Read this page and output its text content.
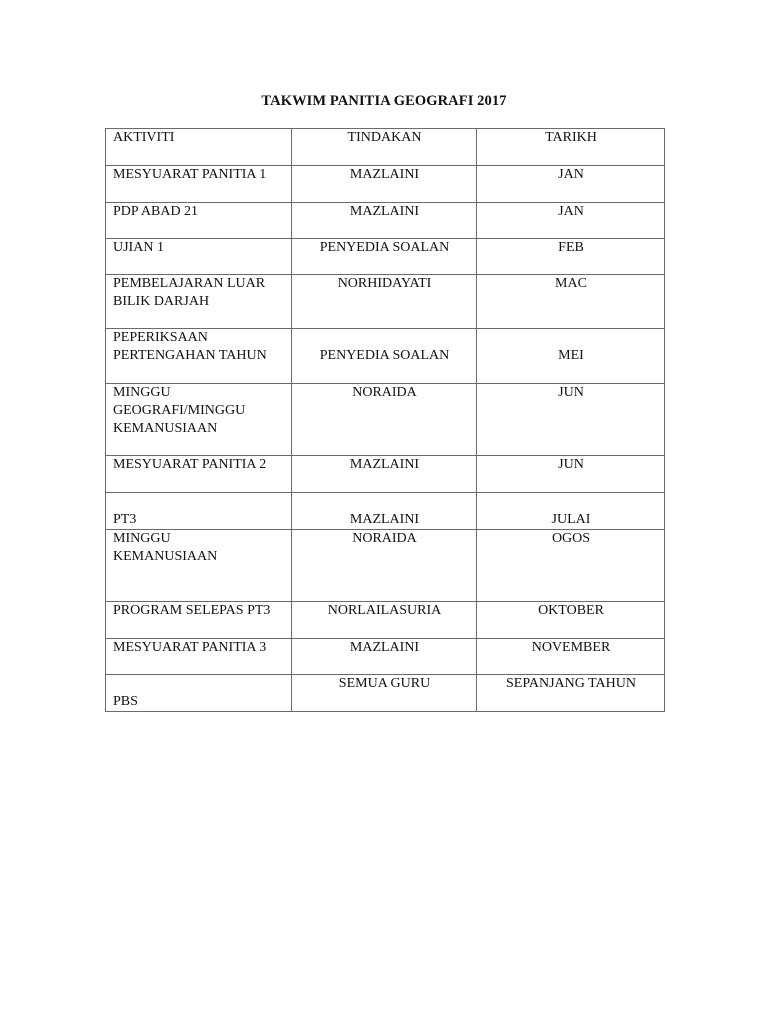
TAKWIM PANITIA GEOGRAFI 2017
AKTIVITI	TINDAKAN	TARIKH

MESYUARAT PANITIA 1	MAZLAINI	JAN

PDP ABAD 21	MAZLAINI	JAN

UJIAN 1	PENYEDIA SOALAN	FEB

PEMBELAJARAN LUAR
BILIK DARJAH	NORHIDAYATI	MAC

PEPERIKSAAN
PERTENGAHAN TAHUN	PENYEDIA SOALAN	MEI

MINGGU
GEOGRAFI/MINGGU
KEMANUSIAAN	NORAIDA	JUN

MESYUARAT PANITIA 2	MAZLAINI	JUN

PT3	MAZLAINI	JULAI

MINGGU
KEMANUSIAAN	NORAIDA	OGOS

PROGRAM SELEPAS PT3	NORLAILASURIA	OKTOBER

MESYUARAT PANITIA 3	MAZLAINI	NOVEMBER

PBS	SEMUA GURU	SEPANJANG TAHUN
